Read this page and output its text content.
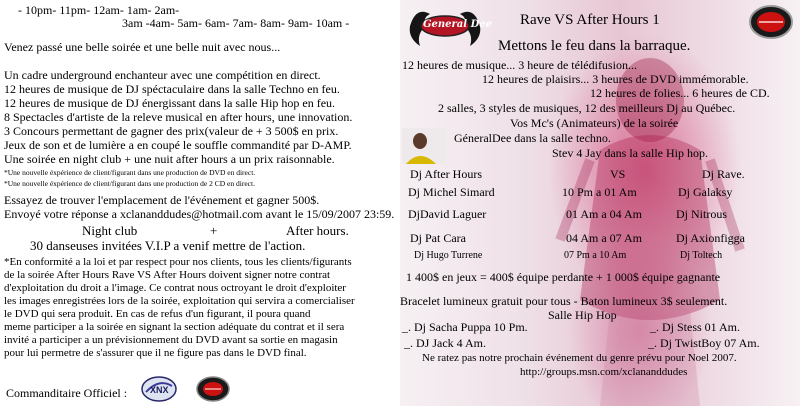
- 10pm- 11pm- 12am- 1am- 2am-
3am -4am- 5am- 6am- 7am- 8am- 9am- 10am -
Venez passé une belle soirée et une belle nuit avec nous...
Un cadre underground enchanteur avec une compétition en direct.
12 heures de musique de DJ spéctaculaire dans la salle Techno en feu.
12 heures de musique de DJ énergissant dans la salle Hip hop en feu.
8 Spectacles d'artiste de la releve musical en after hours, une innovation.
3 Concours permettant de gagner des prix(valeur de + 3 500$ en prix.
Jeux de son et de lumière a en coupé le souffle commandité par D-AMP.
Une soirée en night club + une nuit after hours a un prix raisonnable.
*Une nouvelle éxpérience de client/figurant dans une production de DVD en direct.
*Une nouvelle éxpérience de client/figurant dans une production de 2 CD en direct.
Essayez de trouver l'emplacement de l'événement et gagner 500$.
Envoyé votre réponse a xclananddudes@hotmail.com avant le 15/09/2007 23:59.
Night club	+	After hours.
30 danseuses invitées V.I.P a venif mettre de l'action.
*En conformité a la loi et par respect pour nos clients, tous les clients/figurants
de la soirée After Hours Rave VS After Hours doivent signer notre contrat
d'exploitation du droit a l'image. Ce contrat nous octroyant le droit d'exploiter
les images enregistrées lors de la soirée, exploitation qui servira a comercialiser
le DVD qui sera produit. En cas de refus d'un figurant, il poura quand
meme participer a la soirée en signant la section adéquate du contrat et il sera
invité a participer a un prévisionnement du DVD avant sa sortie en magasin
pour lui permetre de s'assurer que il ne figure pas dans le DVD final.
Commanditaire Officiel :	XNX
General Dee Rave VS After Hours 1
Mettons le feu dans la barraque.
12 heures de musique... 3 heure de télédifusion...
12 heures de plaisirs... 3 heures de DVD immémorable.
12 heures de folies... 6 heures de CD.
2 salles, 3 styles de musiques, 12 des meilleurs Dj au Québec.
Vos Mc's (Animateurs) de la soirée
GéneralDee dans la salle techno.
Stev 4 Jay dans la salle Hip hop.
Dj After Hours	VS	Dj Rave.
Dj Michel Simard	10 Pm a 01 Am	Dj Galaksy
DjDavid Laguer	01 Am a 04 Am	Dj Nitrous
Dj Pat Cara	04 Am a 07 Am	Dj Axionfigga
Dj Hugo Turrene	07 Pm a 10 Am	Dj Toltech
1 400$ en jeux = 400$ équipe perdante + 1 000$ équipe gagnante
Bracelet lumineux gratuit pour tous - Baton lumineux 3$ seulement.
Salle Hip Hop
_. Dj Sacha Puppa 10 Pm.	_. Dj Stess 01 Am.
_. DJ Jack 4 Am.	_. Dj TwistBoy 07 Am.
Ne ratez pas notre prochain événement du genre prévu pour Noel 2007.
http://groups.msn.com/xclananddudes
